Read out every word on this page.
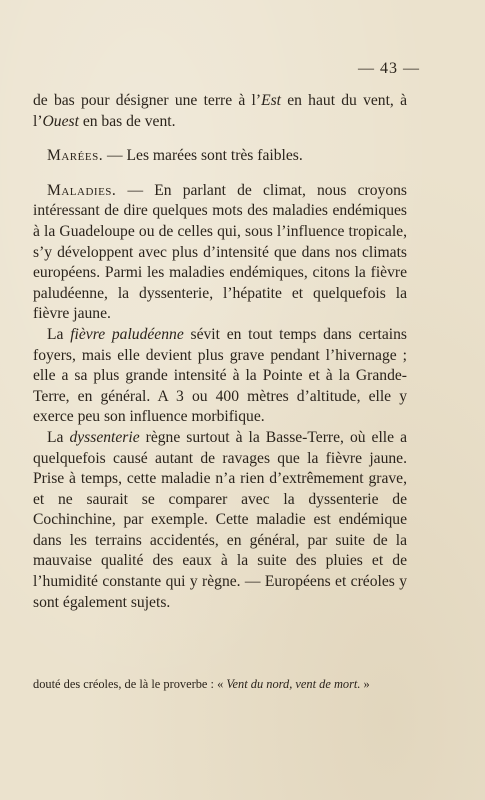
— 43 —

de bas pour désigner une terre à l’Est en haut du vent, à l’Ouest en bas de vent.

Marées. — Les marées sont très faibles.

Maladies. — En parlant de climat, nous croyons intéressant de dire quelques mots des maladies endémiques à la Guadeloupe ou de celles qui, sous l’influence tropicale, s’y développent avec plus d’intensité que dans nos climats européens. Parmi les maladies endémiques, citons la fièvre paludéenne, la dyssenterie, l’hépatite et quelquefois la fièvre jaune.

La fièvre paludéenne sévit en tout temps dans certains foyers, mais elle devient plus grave pendant l’hivernage ; elle a sa plus grande intensité à la Pointe et à la Grande-Terre, en général. A 3 ou 400 mètres d’altitude, elle y exerce peu son influence morbifique.

La dyssenterie règne surtout à la Basse-Terre, où elle a quelquefois causé autant de ravages que la fièvre jaune. Prise à temps, cette maladie n’a rien d’extrêmement grave, et ne saurait se comparer avec la dyssenterie de Cochinchine, par exemple. Cette maladie est endémique dans les terrains accidentés, en général, par suite de la mauvaise qualité des eaux à la suite des pluies et de l’humidité constante qui y règne. — Européens et créoles y sont également sujets.

douté des créoles, de là le proverbe : « Vent du nord, vent de mort. »
